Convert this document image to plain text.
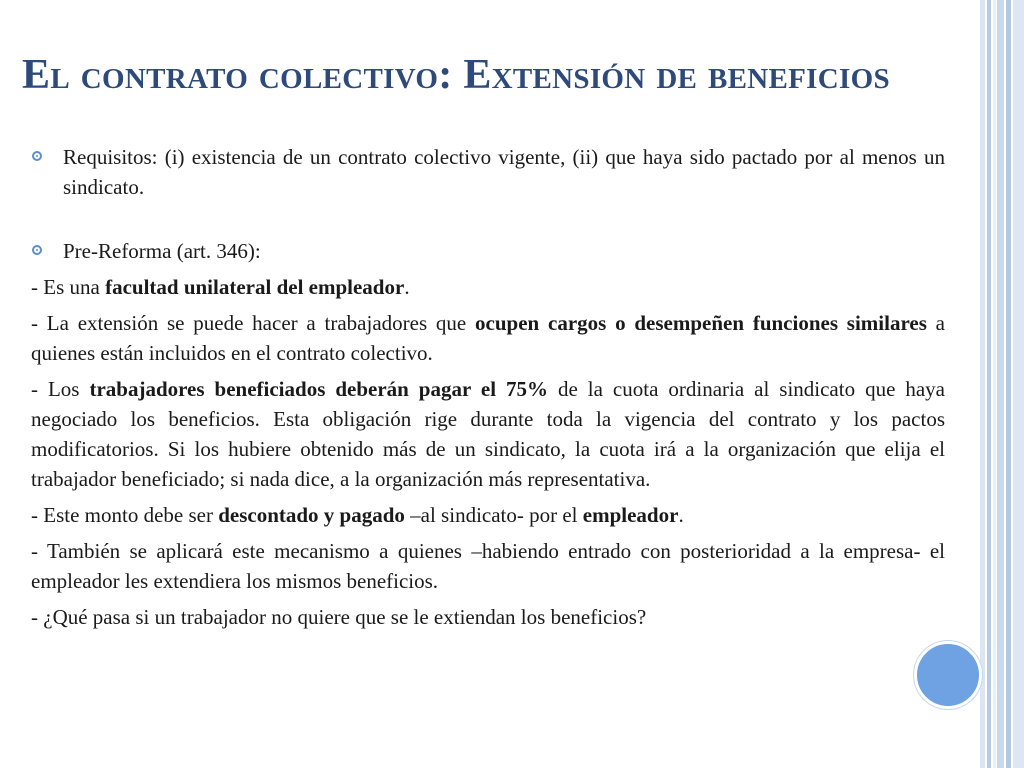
El contrato colectivo: Extensión de beneficios
Requisitos: (i) existencia de un contrato colectivo vigente, (ii) que haya sido pactado por al menos un sindicato.
Pre-Reforma (art. 346):
- Es una facultad unilateral del empleador.
- La extensión se puede hacer a trabajadores que ocupen cargos o desempeñen funciones similares a quienes están incluidos en el contrato colectivo.
- Los trabajadores beneficiados deberán pagar el 75% de la cuota ordinaria al sindicato que haya negociado los beneficios. Esta obligación rige durante toda la vigencia del contrato y los pactos modificatorios. Si los hubiere obtenido más de un sindicato, la cuota irá a la organización que elija el trabajador beneficiado; si nada dice, a la organización más representativa.
- Este monto debe ser descontado y pagado –al sindicato- por el empleador.
- También se aplicará este mecanismo a quienes –habiendo entrado con posterioridad a la empresa- el empleador les extendiera los mismos beneficios.
- ¿Qué pasa si un trabajador no quiere que se le extiendan los beneficios?
